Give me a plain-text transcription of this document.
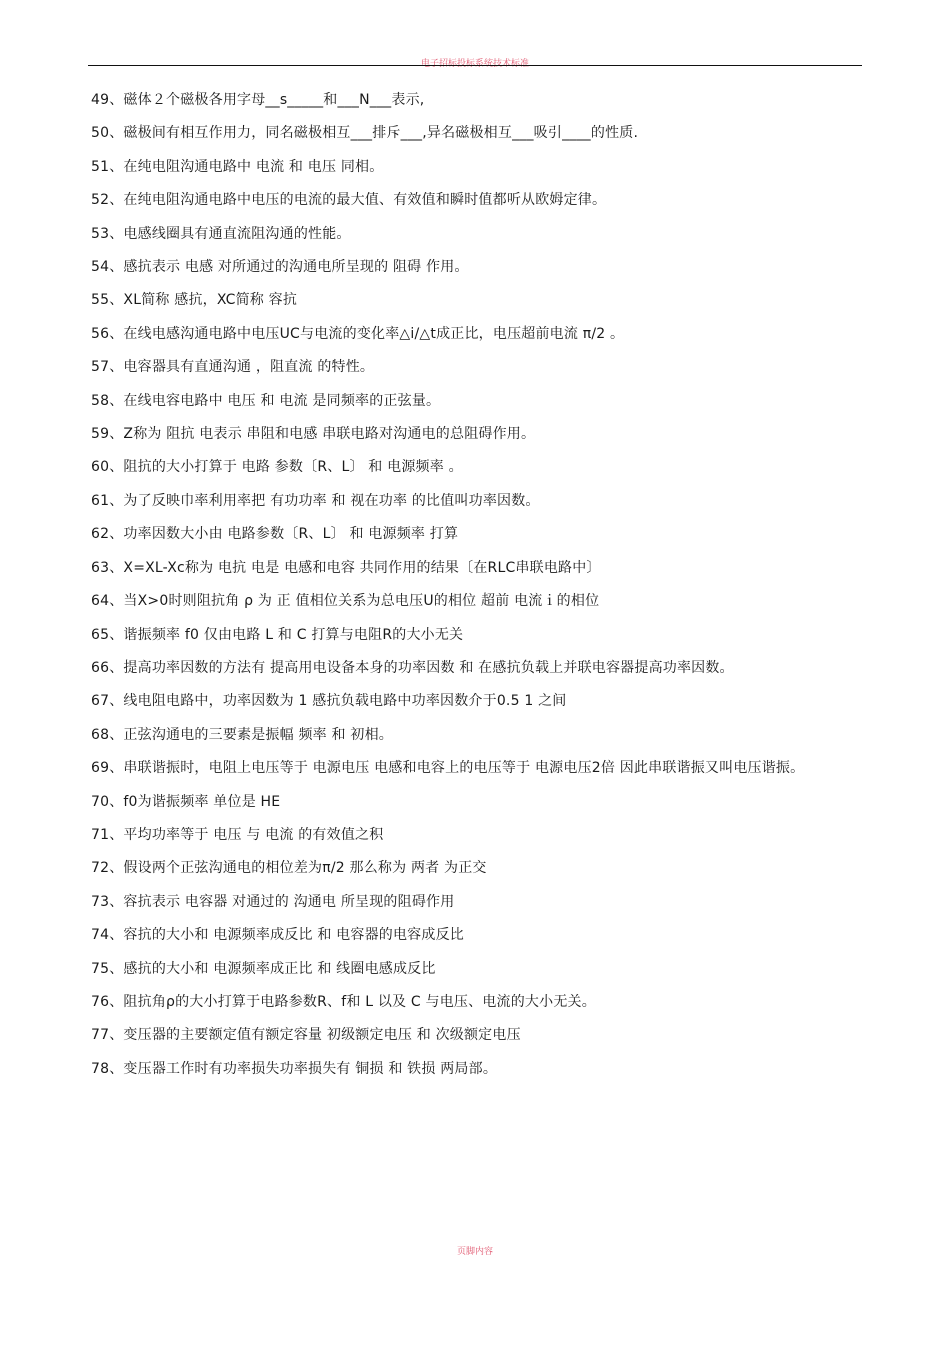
电子招标投标系统技术标准
49、磁体２个磁极各用字母__s_____和___N___表示,
50、磁极间有相互作用力，同名磁极相互___排斥___,异名磁极相互___吸引____的性质.
51、在纯电阻沟通电路中 电流 和 电压 同相。
52、在纯电阻沟通电路中电压的电流的最大值、有效值和瞬时值都听从欧姆定律。
53、电感线圈具有通直流阻沟通的性能。
54、感抗表示 电感 对所通过的沟通电所呈现的 阻碍 作用。
55、XL简称 感抗，XC简称 容抗
56、在线电感沟通电路中电压UC与电流的变化率△i/△t成正比，电压超前电流 π/2 。
57、电容器具有直通沟通 ，阻直流 的特性。
58、在线电容电路中 电压 和 电流 是同频率的正弦量。
59、Z称为 阻抗 电表示 串阻和电感 串联电路对沟通电的总阻碍作用。
60、阻抗的大小打算于 电路 参数〔R、L〕 和 电源频率 。
61、为了反映巾率利用率把 有功功率 和 视在功率 的比值叫功率因数。
62、功率因数大小由 电路参数〔R、L〕 和 电源频率 打算
63、X=XL-Xc称为 电抗 电是 电感和电容 共同作用的结果〔在RLC串联电路中〕
64、当X>0时则阻抗角 ρ 为 正 值相位关系为总电压U的相位 超前 电流ｉ的相位
65、谐振频率 f0 仅由电路 L 和 C 打算与电阻R的大小无关
66、提高功率因数的方法有 提高用电设备本身的功率因数 和 在感抗负载上并联电容器提高功率因数。
67、线电阻电路中，功率因数为 1 感抗负载电路中功率因数介于0.5 1 之间
68、正弦沟通电的三要素是振幅 频率 和 初相。
69、串联谐振时，电阻上电压等于 电源电压 电感和电容上的电压等于 电源电压2倍 因此串联谐振又叫电压谐振。
70、f0为谐振频率 单位是 HE
71、平均功率等于 电压 与 电流 的有效值之积
72、假设两个正弦沟通电的相位差为π/2 那么称为 两者 为正交
73、容抗表示 电容器 对通过的 沟通电 所呈现的阻碍作用
74、容抗的大小和 电源频率成反比 和 电容器的电容成反比
75、感抗的大小和 电源频率成正比 和 线圈电感成反比
76、阻抗角ρ的大小打算于电路参数R、f和 L 以及 C 与电压、电流的大小无关。
77、变压器的主要额定值有额定容量 初级额定电压 和 次级额定电压
78、变压器工作时有功率损失功率损失有 铜损 和 铁损 两局部。
页脚内容
